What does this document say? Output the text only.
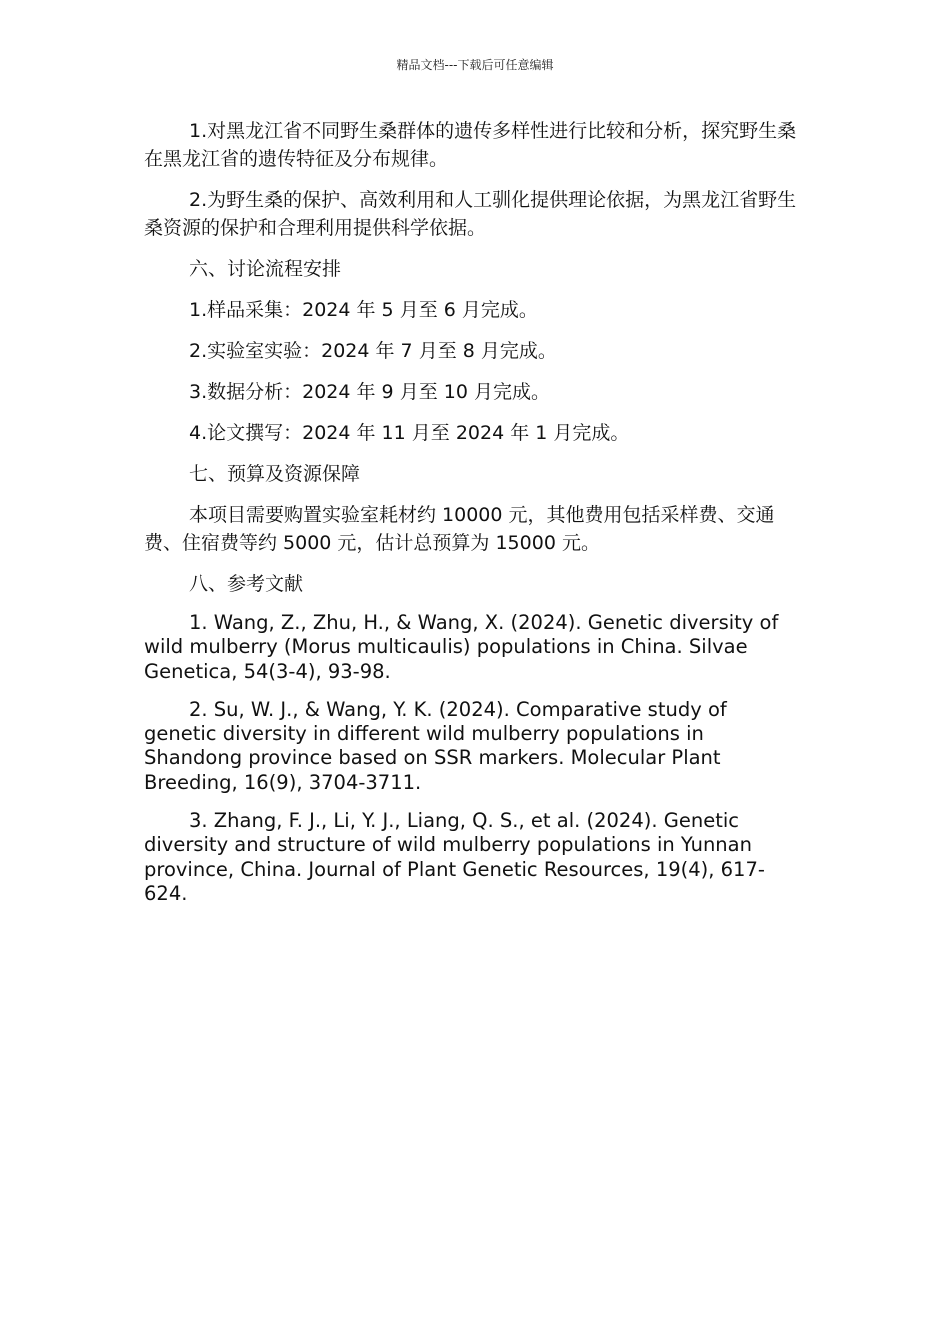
精品文档---下载后可任意编辑

1.对黑龙江省不同野生桑群体的遗传多样性进行比较和分析，探究野生桑在黑龙江省的遗传特征及分布规律。

2.为野生桑的保护、高效利用和人工驯化提供理论依据，为黑龙江省野生桑资源的保护和合理利用提供科学依据。

六、讨论流程安排

1.样品采集：2024 年 5 月至 6 月完成。

2.实验室实验：2024 年 7 月至 8 月完成。

3.数据分析：2024 年 9 月至 10 月完成。

4.论文撰写：2024 年 11 月至 2024 年 1 月完成。

七、预算及资源保障

本项目需要购置实验室耗材约 10000 元，其他费用包括采样费、交通费、住宿费等约 5000 元，估计总预算为 15000 元。

八、参考文献

1. Wang, Z., Zhu, H., & Wang, X. (2024). Genetic diversity of wild mulberry (Morus multicaulis) populations in China. Silvae Genetica, 54(3-4), 93-98.

2. Su, W. J., & Wang, Y. K. (2024). Comparative study of genetic diversity in different wild mulberry populations in Shandong province based on SSR markers. Molecular Plant Breeding, 16(9), 3704-3711.

3. Zhang, F. J., Li, Y. J., Liang, Q. S., et al. (2024). Genetic diversity and structure of wild mulberry populations in Yunnan province, China. Journal of Plant Genetic Resources, 19(4), 617-624.
